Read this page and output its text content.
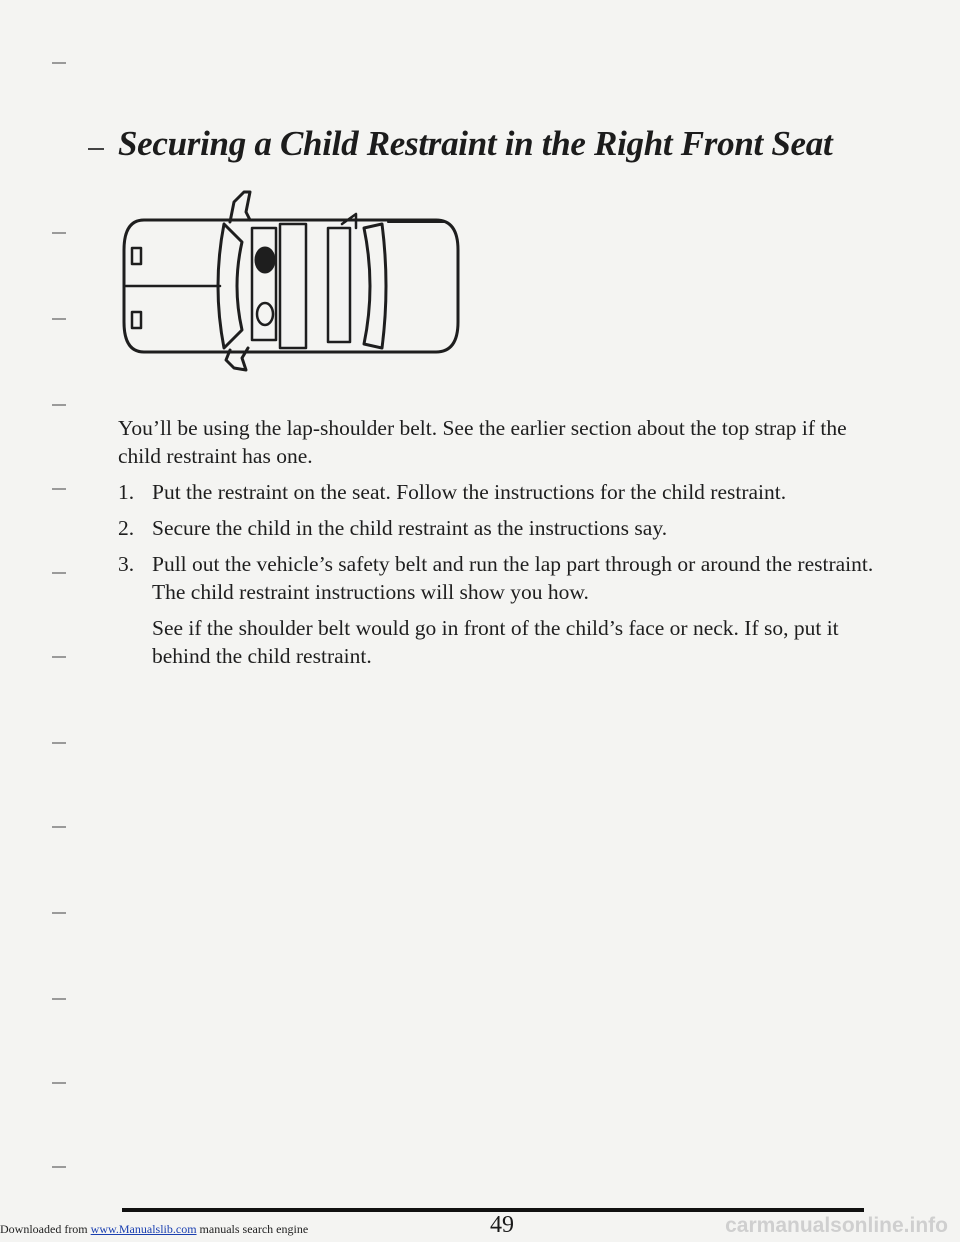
Securing a Child Restraint in the Right Front Seat

You’ll be using the lap-shoulder belt. See the earlier section about the top strap if the child restraint has one.

1. Put the restraint on the seat. Follow the instructions for the child restraint.
2. Secure the child in the child restraint as the instructions say.
3. Pull out the vehicle’s safety belt and run the lap part through or around the restraint. The child restraint instructions will show you how.

See if the shoulder belt would go in front of the child’s face or neck. If so, put it behind the child restraint.

Downloaded from www.Manualslib.com manuals search engine	49	carmanualsonline.info
